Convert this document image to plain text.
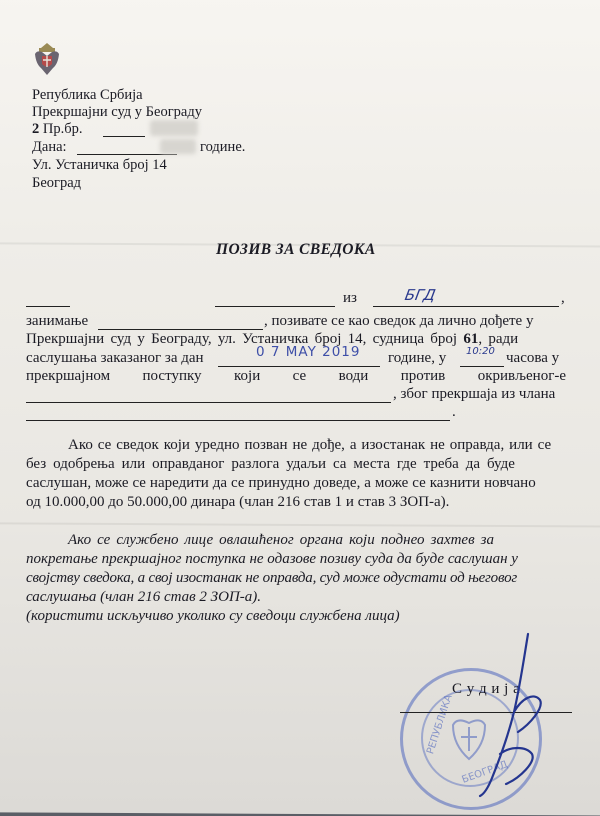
Република Србија
Прекршајни суд у Београду
2 Пр.бр.
Дана:	године.
Ул. Устаничка број 14
Београд
ПОЗИВ ЗА СВЕДОКА
из	БГД	,
занимање	, позивате се као сведок да лично дођете у
Прекршајни суд у Београду, ул. Устаничка број 14, судница број 61, ради
саслушања заказаног за дан	0 7 MAY 2019 године, у 10:20 часова у
прекршајном поступку који се води против окривљеног-е
, због прекршаја из члана
.
Ако се сведок који уредно позван не дође, а изостанак не оправда, или се
без одобрења или оправданог разлога удаљи са места где треба да буде
саслушан, може се наредити да се принудно доведе, а може се казнити новчано
од 10.000,00 до 50.000,00 динара (члан 216 став 1 и став 3 ЗОП-а).
Ако се службено лице овлашћеног органа који поднео захтев за
покретање прекршајног поступка не одазове позиву суда да буде саслушан у
својству сведока, а свој изостанак не оправда, суд може одустати од његовог
саслушања (члан 216 став 2 ЗОП-а).
(користити искључиво уколико су сведоци службена лица)
РЕПУБЛИКА
БЕОГРАД
С у д и ј а
